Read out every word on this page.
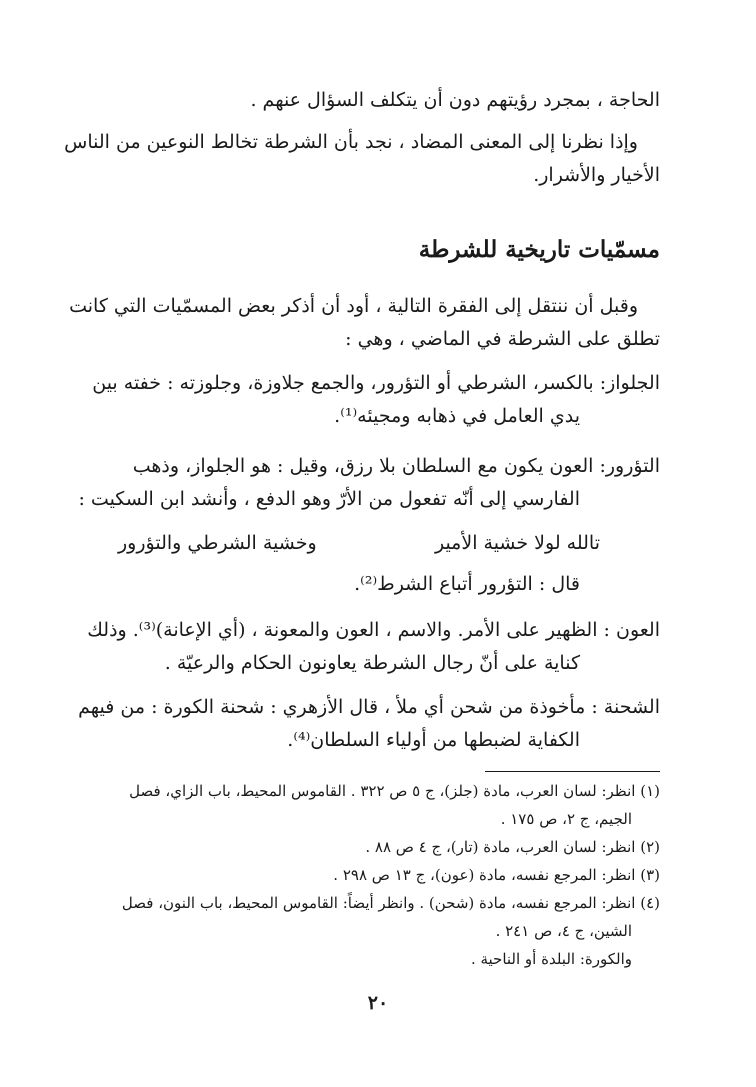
الحاجة ، بمجرد رؤيتهم دون أن يتكلف السؤال عنهم .
وإذا نظرنا إلى المعنى المضاد ، نجد بأن الشرطة تخالط النوعين من الناس
الأخيار والأشرار.
مسمّيات تاريخية للشرطة
وقبل أن ننتقل إلى الفقرة التالية ، أود أن أذكر بعض المسمّيات التي كانت
تطلق على الشرطة في الماضي ، وهي :
الجلواز: بالكسر، الشرطي أو التؤرور، والجمع جلاوزة، وجلوزته : خفته بين
يدي العامل في ذهابه ومجيئه⁽¹⁾.
التؤرور: العون يكون مع السلطان بلا رزق، وقيل : هو الجلواز، وذهب
الفارسي إلى أنّه تفعول من الأرّ وهو الدفع ، وأنشد ابن السكيت :
تالله لولا خشية الأمير
وخشية الشرطي والتؤرور
قال : التؤرور أتباع الشرط⁽²⁾.
العون : الظهير على الأمر. والاسم ، العون والمعونة ، (أي الإعانة)⁽³⁾. وذلك
كناية على أنّ رجال الشرطة يعاونون الحكام والرعيّة .
الشحنة : مأخوذة من شحن أي ملأ ، قال الأزهري : شحنة الكورة : من فيهم
الكفاية لضبطها من أولياء السلطان⁽⁴⁾.
(١) انظر: لسان العرب، مادة (جلز)، ج ٥ ص ٣٢٢ . القاموس المحيط، باب الزاي، فصل
الجيم، ج ٢، ص ١٧٥ .
(٢) انظر: لسان العرب، مادة (تار)، ج ٤ ص ٨٨ .
(٣) انظر: المرجع نفسه، مادة (عون)، ج ١٣ ص ٢٩٨ .
(٤) انظر: المرجع نفسه، مادة (شحن) . وانظر أيضاً: القاموس المحيط، باب النون، فصل
الشين، ج ٤، ص ٢٤١ .
والكورة: البلدة أو الناحية .
٢٠
